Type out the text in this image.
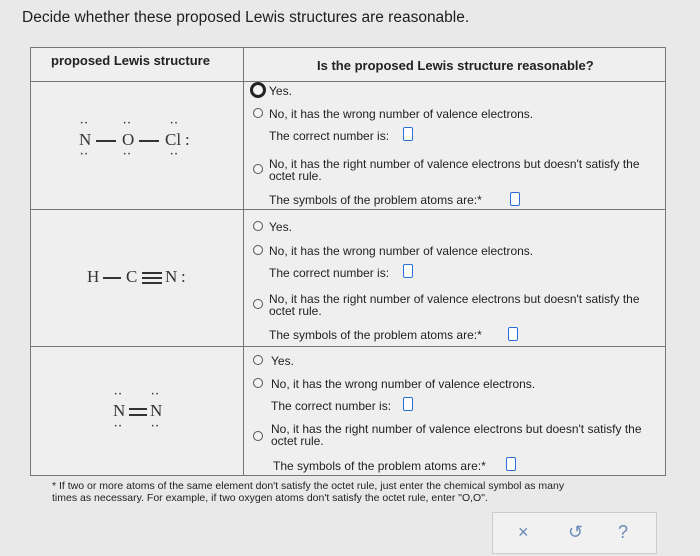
Decide whether these proposed Lewis structures are reasonable.
proposed Lewis structure	Is the proposed Lewis structure reasonable?
N O Cl :
··
··
··
··
··
··
Yes.
No, it has the wrong number of valence electrons.
The correct number is:
No, it has the right number of valence electrons but doesn't satisfy the
octet rule.
The symbols of the problem atoms are:*
H C N :
Yes.
No, it has the wrong number of valence electrons.
The correct number is:
No, it has the right number of valence electrons but doesn't satisfy the
octet rule.
The symbols of the problem atoms are:*
N N
··
··
··
··
Yes.
No, it has the wrong number of valence electrons.
The correct number is:
No, it has the right number of valence electrons but doesn't satisfy the
octet rule.
The symbols of the problem atoms are:*
* If two or more atoms of the same element don't satisfy the octet rule, just enter the chemical symbol as many
times as necessary. For example, if two oxygen atoms don't satisfy the octet rule, enter "O,O".
× ↺ ?
